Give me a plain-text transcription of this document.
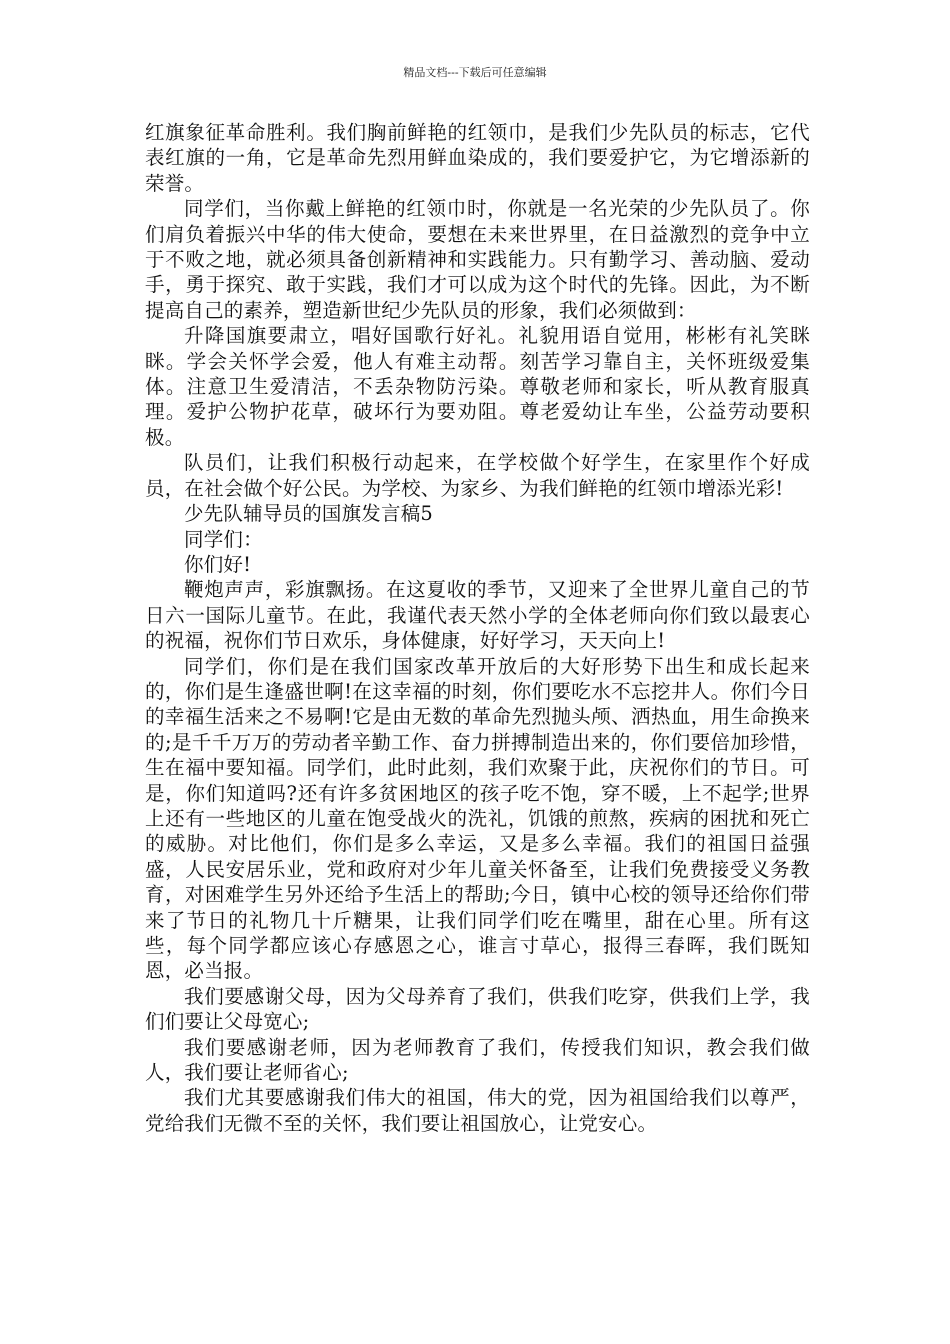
精品文档---下载后可任意编辑

红旗象征革命胜利。我们胸前鲜艳的红领巾，是我们少先队员的标志，它代表红旗的一角，它是革命先烈用鲜血染成的，我们要爱护它，为它增添新的荣誉。

同学们，当你戴上鲜艳的红领巾时，你就是一名光荣的少先队员了。你们肩负着振兴中华的伟大使命，要想在未来世界里，在日益激烈的竞争中立于不败之地，就必须具备创新精神和实践能力。只有勤学习、善动脑、爱动手，勇于探究、敢于实践，我们才可以成为这个时代的先锋。因此，为不断提高自己的素养，塑造新世纪少先队员的形象，我们必须做到：

升降国旗要肃立，唱好国歌行好礼。礼貌用语自觉用，彬彬有礼笑眯眯。学会关怀学会爱，他人有难主动帮。刻苦学习靠自主，关怀班级爱集体。注意卫生爱清洁，不丢杂物防污染。尊敬老师和家长，听从教育服真理。爱护公物护花草，破坏行为要劝阻。尊老爱幼让车坐，公益劳动要积极。

队员们，让我们积极行动起来，在学校做个好学生，在家里作个好成员，在社会做个好公民。为学校、为家乡、为我们鲜艳的红领巾增添光彩!

少先队辅导员的国旗发言稿5

同学们：

你们好!

鞭炮声声，彩旗飘扬。在这夏收的季节，又迎来了全世界儿童自己的节日六一国际儿童节。在此，我谨代表天然小学的全体老师向你们致以最衷心的祝福，祝你们节日欢乐，身体健康，好好学习，天天向上!

同学们，你们是在我们国家改革开放后的大好形势下出生和成长起来的，你们是生逢盛世啊!在这幸福的时刻，你们要吃水不忘挖井人。你们今日的幸福生活来之不易啊!它是由无数的革命先烈抛头颅、洒热血，用生命换来的;是千千万万的劳动者辛勤工作、奋力拼搏制造出来的，你们要倍加珍惜，生在福中要知福。同学们，此时此刻，我们欢聚于此，庆祝你们的节日。可是，你们知道吗?还有许多贫困地区的孩子吃不饱，穿不暖，上不起学;世界上还有一些地区的儿童在饱受战火的洗礼，饥饿的煎熬，疾病的困扰和死亡的威胁。对比他们，你们是多么幸运，又是多么幸福。我们的祖国日益强盛，人民安居乐业，党和政府对少年儿童关怀备至，让我们免费接受义务教育，对困难学生另外还给予生活上的帮助;今日，镇中心校的领导还给你们带来了节日的礼物几十斤糖果，让我们同学们吃在嘴里，甜在心里。所有这些，每个同学都应该心存感恩之心，谁言寸草心，报得三春晖，我们既知恩，必当报。

我们要感谢父母，因为父母养育了我们，供我们吃穿，供我们上学，我们们要让父母宽心;

我们要感谢老师，因为老师教育了我们，传授我们知识，教会我们做人，我们要让老师省心;

我们尤其要感谢我们伟大的祖国，伟大的党，因为祖国给我们以尊严，党给我们无微不至的关怀，我们要让祖国放心，让党安心。
